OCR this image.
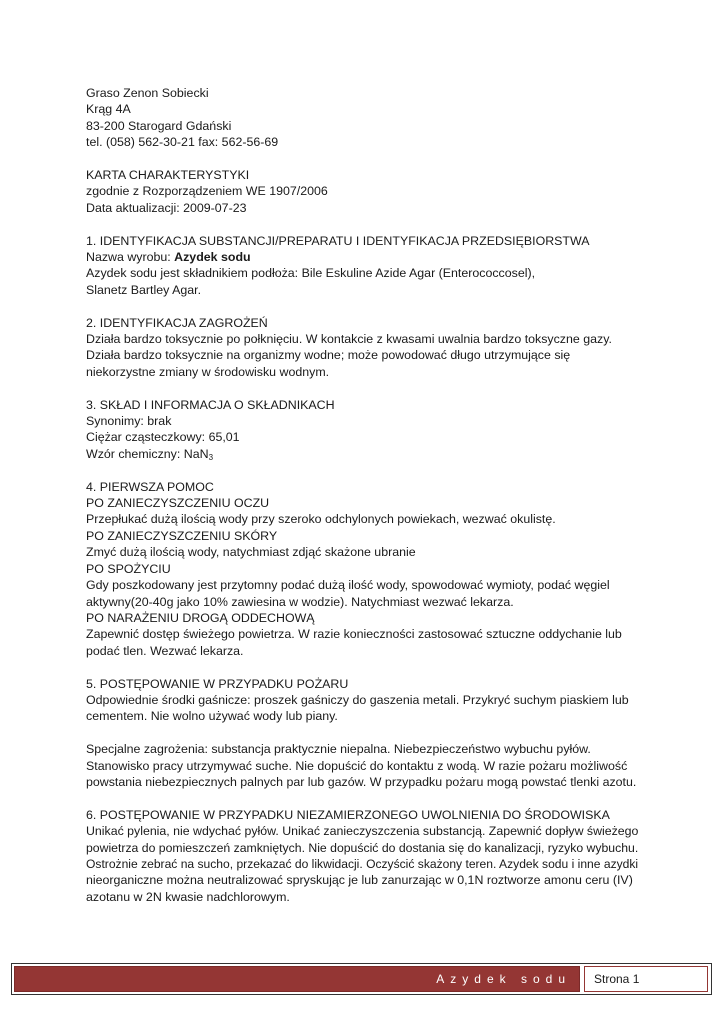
Graso Zenon Sobiecki
Krąg 4A
83-200 Starogard Gdański
tel. (058) 562-30-21 fax: 562-56-69
KARTA CHARAKTERYSTYKI
zgodnie z Rozporządzeniem WE 1907/2006
Data aktualizacji: 2009-07-23
1. IDENTYFIKACJA SUBSTANCJI/PREPARATU I IDENTYFIKACJA PRZEDSIĘBIORSTWA
Nazwa wyrobu: Azydek sodu
Azydek sodu jest składnikiem podłoża: Bile Eskuline Azide Agar (Enterococcosel),
Slanetz Bartley Agar.
2. IDENTYFIKACJA ZAGROŻEŃ
Działa bardzo toksycznie po połknięciu. W kontakcie z kwasami uwalnia bardzo toksyczne gazy.
Działa bardzo toksycznie na organizmy wodne; może powodować długo utrzymujące się
niekorzystne zmiany w środowisku wodnym.
3. SKŁAD I INFORMACJA O SKŁADNIKACH
Synonimy: brak
Ciężar cząsteczkowy: 65,01
Wzór chemiczny: NaN$_3$
4. PIERWSZA POMOC
PO ZANIECZYSZCZENIU OCZU
Przepłukać dużą ilością wody przy szeroko odchylonych powiekach, wezwać okulistę.
PO ZANIECZYSZCZENIU SKÓRY
Zmyć dużą ilością wody, natychmiast zdjąć skażone ubranie
PO SPOŻYCIU
Gdy poszkodowany jest przytomny podać dużą ilość wody, spowodować wymioty, podać węgiel
aktywny(20-40g jako 10% zawiesina w wodzie). Natychmiast wezwać lekarza.
PO NARAŻENIU DROGĄ ODDECHOWĄ
Zapewnić dostęp świeżego powietrza. W razie konieczności zastosować sztuczne oddychanie lub
podać tlen. Wezwać lekarza.
5. POSTĘPOWANIE W PRZYPADKU POŻARU
Odpowiednie środki gaśnicze: proszek gaśniczy do gaszenia metali. Przykryć suchym piaskiem lub
cementem. Nie wolno używać wody lub piany.
Specjalne zagrożenia: substancja praktycznie niepalna. Niebezpieczeństwo wybuchu pyłów.
Stanowisko pracy utrzymywać suche. Nie dopuścić do kontaktu z wodą. W razie pożaru możliwość
powstania niebezpiecznych palnych par lub gazów. W przypadku pożaru mogą powstać tlenki azotu.
6. POSTĘPOWANIE W PRZYPADKU NIEZAMIERZONEGO UWOLNIENIA DO ŚRODOWISKA
Unikać pylenia, nie wdychać pyłów. Unikać zanieczyszczenia substancją. Zapewnić dopływ świeżego
powietrza do pomieszczeń zamkniętych. Nie dopuścić do dostania się do kanalizacji, ryzyko wybuchu.
Ostrożnie zebrać na sucho, przekazać do likwidacji. Oczyścić skażony teren. Azydek sodu i inne azydki
nieorganiczne można neutralizować spryskując je lub zanurzając w 0,1N roztworze amonu ceru (IV)
azotanu w 2N kwasie nadchlorowym.
Azydek sodu	Strona 1
